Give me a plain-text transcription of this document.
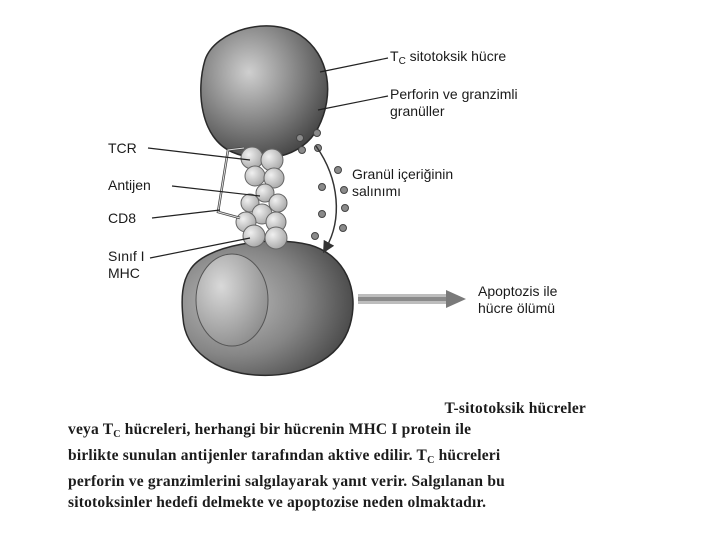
$T_C$ sitotoksik hücre
Perforin ve granzimli
granüller
TCR
Antijen
CD8
Sınıf I
MHC
Granül içeriğinin
salınımı
Apoptozis ile
hücre ölümü
T-sitotoksik hücreler
veya $T_C$ hücreleri, herhangi bir hücrenin MHC I protein ile
birlikte sunulan antijenler tarafından aktive edilir. $T_C$ hücreleri
perforin ve granzimlerini salgılayarak yanıt verir. Salgılanan bu
sitotoksinler hedefi delmekte ve apoptozise neden olmaktadır.
